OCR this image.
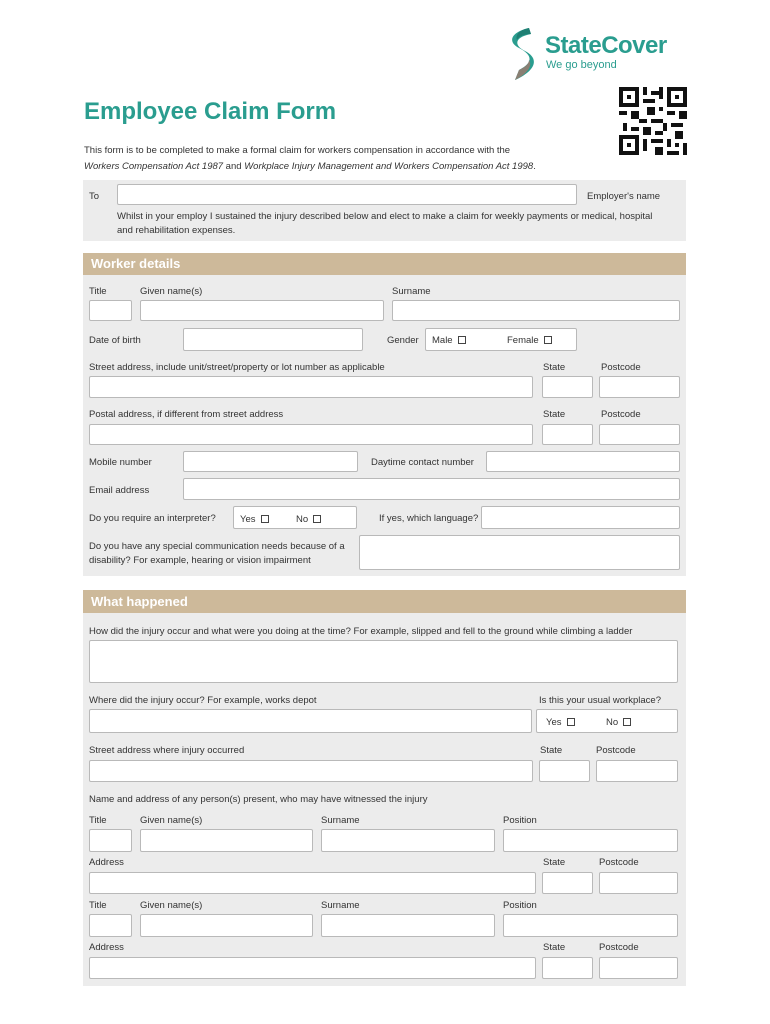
StateCover
We go beyond
Employee Claim Form
This form is to be completed to make a formal claim for workers compensation in accordance with the
Workers Compensation Act 1987 and Workplace Injury Management and Workers Compensation Act 1998.
To	Employer's name
Whilst in your employ I sustained the injury described below and elect to make a claim for weekly payments or medical, hospital
and rehabilitation expenses.
Worker details
Title	Given name(s)	Surname
Date of birth	Gender Male	Female
Street address, include unit/street/property or lot number as applicable	State	Postcode
Postal address, if different from street address	State	Postcode
Mobile number	Daytime contact number
Email address
Do you require an interpreter?	Yes	No	If yes, which language?
Do you have any special communication needs because of a
disability? For example, hearing or vision impairment
What happened
How did the injury occur and what were you doing at the time? For example, slipped and fell to the ground while climbing a ladder
Where did the injury occur? For example, works depot	Is this your usual workplace?
Yes	No
Street address where injury occurred	State	Postcode
Name and address of any person(s) present, who may have witnessed the injury
Title	Given name(s)	Surname	Position
Address	State	Postcode
Title	Given name(s)	Surname	Position
Address	State	Postcode
